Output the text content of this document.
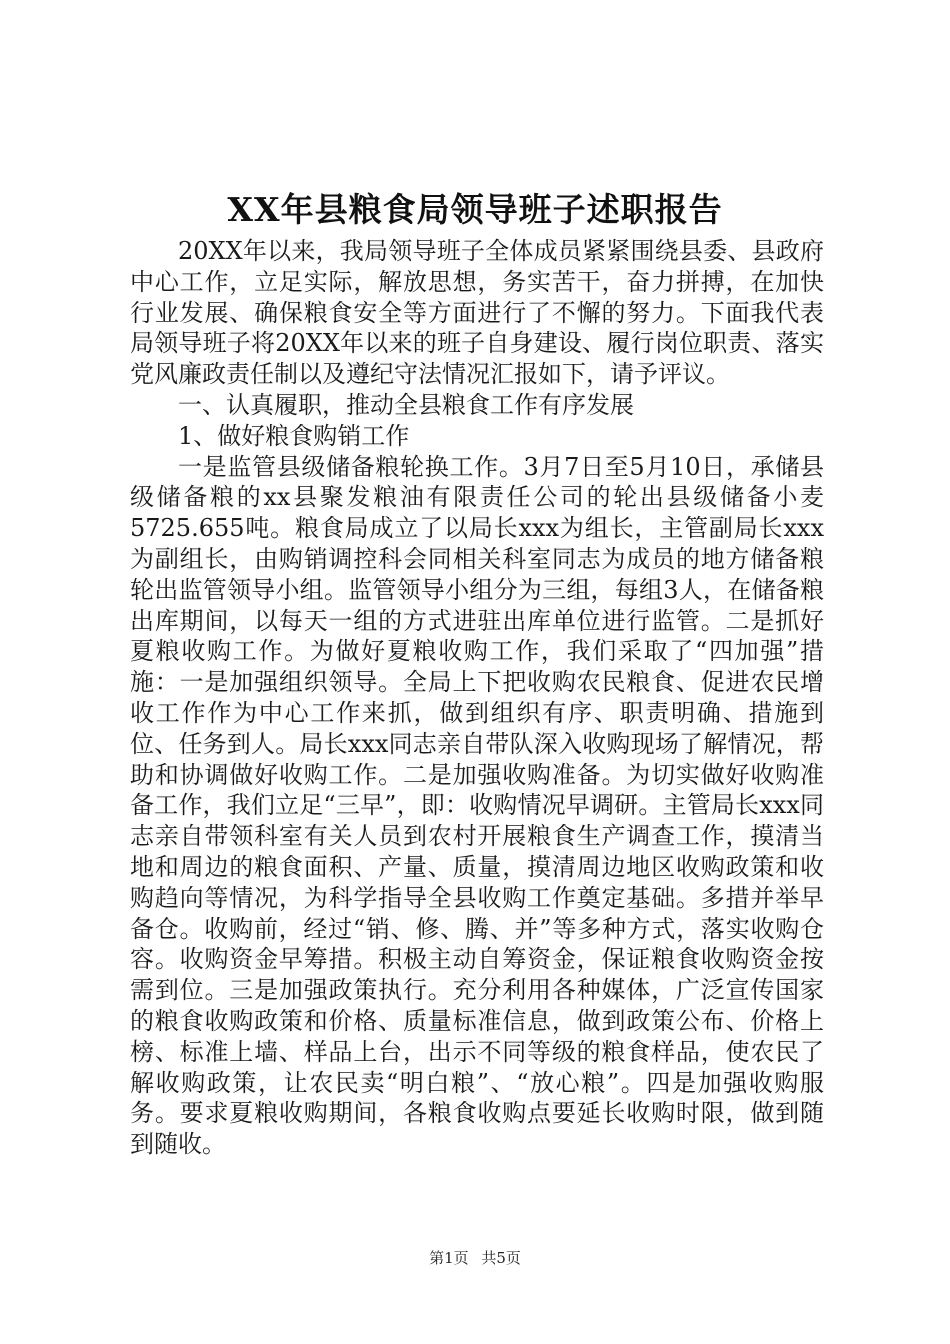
XX年县粮食局领导班子述职报告

20XX年以来，我局领导班子全体成员紧紧围绕县委、县政府中心工作，立足实际，解放思想，务实苦干，奋力拼搏，在加快行业发展、确保粮食安全等方面进行了不懈的努力。下面我代表局领导班子将20XX年以来的班子自身建设、履行岗位职责、落实党风廉政责任制以及遵纪守法情况汇报如下，请予评议。

一、认真履职，推动全县粮食工作有序发展

1、做好粮食购销工作

一是监管县级储备粮轮换工作。3月7日至5月10日，承储县级储备粮的xx县聚发粮油有限责任公司的轮出县级储备小麦5725.655吨。粮食局成立了以局长xxx为组长，主管副局长xxx为副组长，由购销调控科会同相关科室同志为成员的地方储备粮轮出监管领导小组。监管领导小组分为三组，每组3人，在储备粮出库期间，以每天一组的方式进驻出库单位进行监管。二是抓好夏粮收购工作。为做好夏粮收购工作，我们采取了“四加强”措施：一是加强组织领导。全局上下把收购农民粮食、促进农民增收工作作为中心工作来抓，做到组织有序、职责明确、措施到位、任务到人。局长xxx同志亲自带队深入收购现场了解情况，帮助和协调做好收购工作。二是加强收购准备。为切实做好收购准备工作，我们立足“三早”，即：收购情况早调研。主管局长xxx同志亲自带领科室有关人员到农村开展粮食生产调查工作，摸清当地和周边的粮食面积、产量、质量，摸清周边地区收购政策和收购趋向等情况，为科学指导全县收购工作奠定基础。多措并举早备仓。收购前，经过“销、修、腾、并”等多种方式，落实收购仓容。收购资金早筹措。积极主动自筹资金，保证粮食收购资金按需到位。三是加强政策执行。充分利用各种媒体，广泛宣传国家的粮食收购政策和价格、质量标准信息，做到政策公布、价格上榜、标准上墙、样品上台，出示不同等级的粮食样品，使农民了解收购政策，让农民卖“明白粮”、“放心粮”。四是加强收购服务。要求夏粮收购期间，各粮食收购点要延长收购时限，做到随到随收。

第1页 共5页
